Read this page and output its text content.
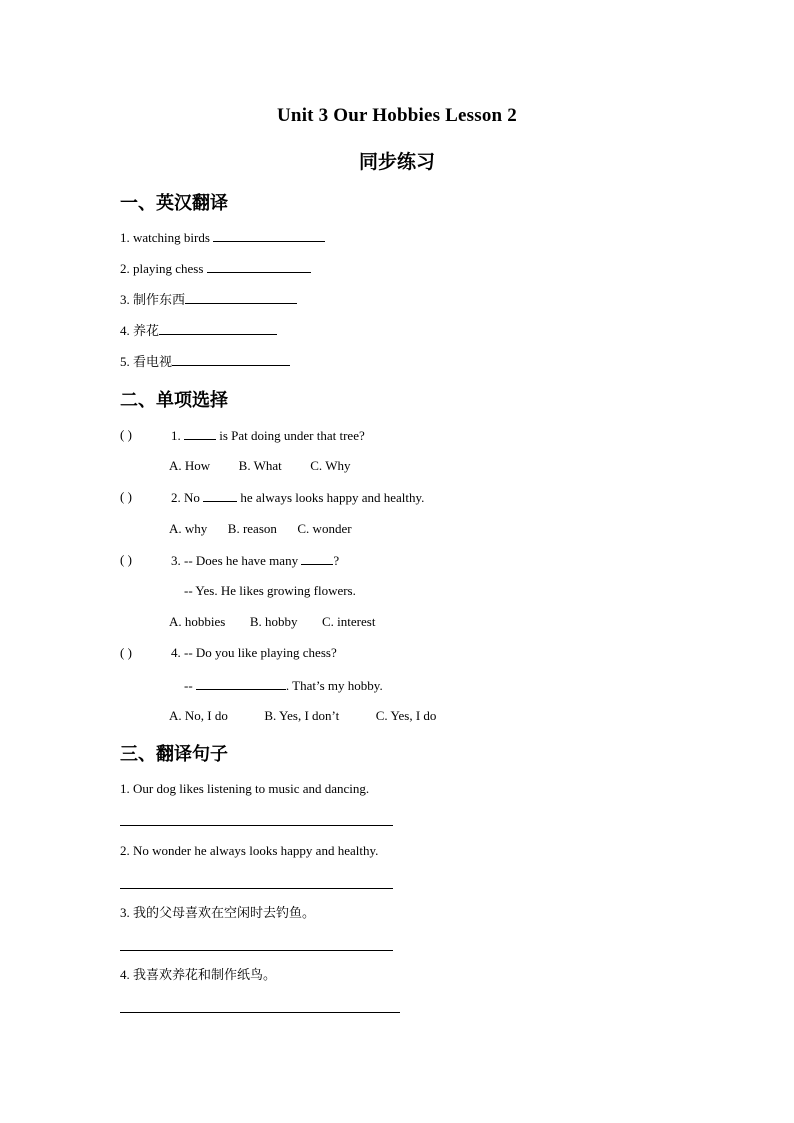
Unit 3 Our Hobbies Lesson 2
同步练习
一、英汉翻译
1. watching birds
2. playing chess
3. 制作东西
4. 养花
5. 看电视
二、单项选择
( )	1.	is Pat doing under that tree?
A. How B. What C. Why
( )	2. No	he always looks happy and healthy.
A. why B. reason C. wonder
( )	3. -- Does he have many	?
-- Yes. He likes growing flowers.
A. hobbies B. hobby C. interest
( )	4. -- Do you like playing chess?
--	. That’s my hobby.
A. No, I do	B. Yes, I don’t	C. Yes, I do
三、翻译句子
1. Our dog likes listening to music and dancing.
2. No wonder he always looks happy and healthy.
3. 我的父母喜欢在空闲时去钓鱼。
4. 我喜欢养花和制作纸鸟。
